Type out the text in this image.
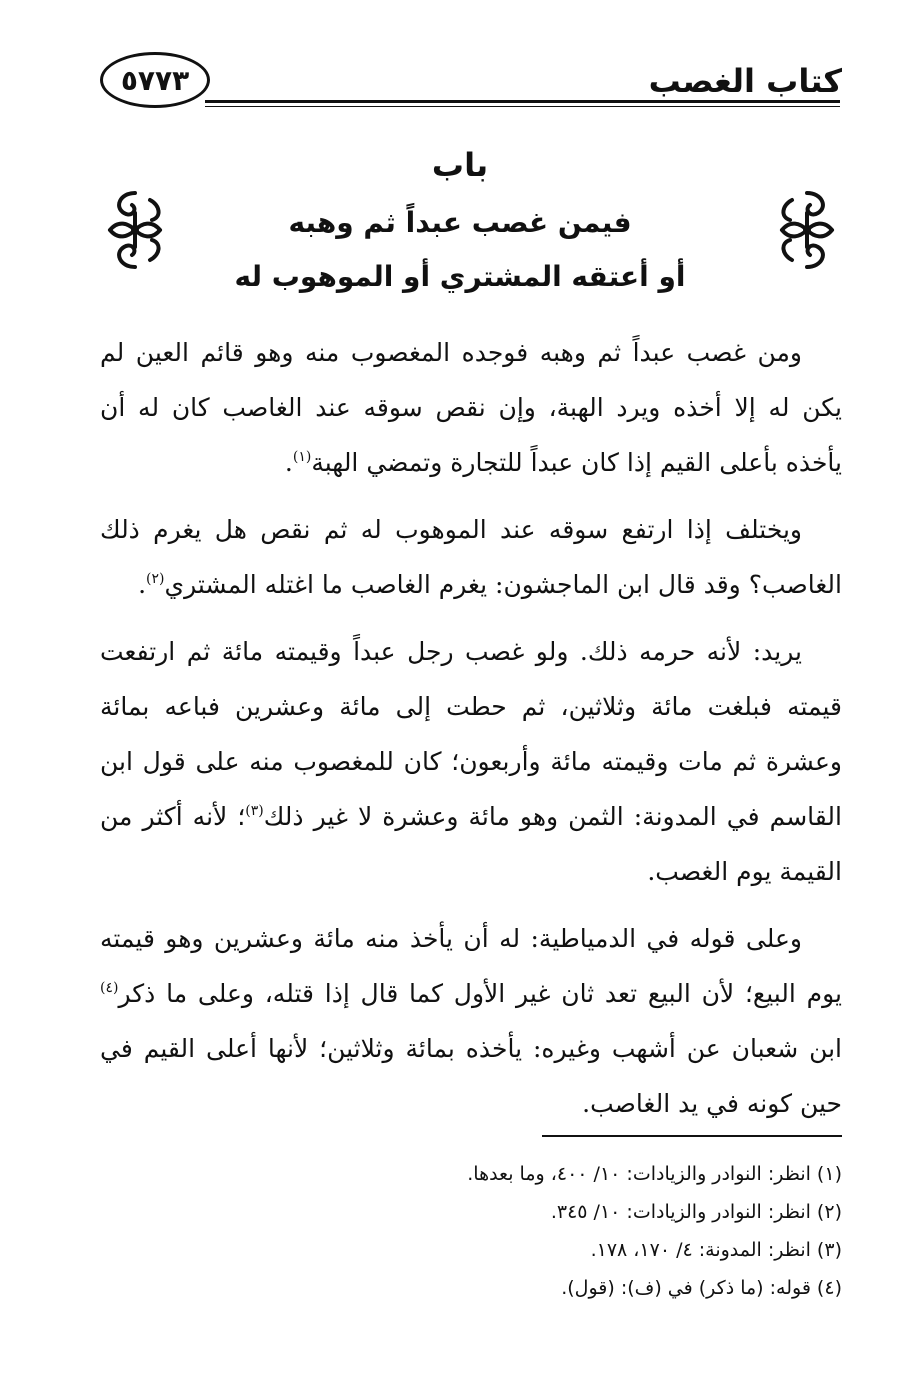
٥٧٧٣	كتاب الغصب
باب
فيمن غصب عبداً ثم وهبه
أو أعتقه المشتري أو الموهوب له

ومن غصب عبداً ثم وهبه فوجده المغصوب منه وهو قائم العين لم يكن له إلا أخذه ويرد الهبة، وإن نقص سوقه عند الغاصب كان له أن يأخذه بأعلى القيم إذا كان عبداً للتجارة وتمضي الهبة$^{(١)}$.

ويختلف إذا ارتفع سوقه عند الموهوب له ثم نقص هل يغرم ذلك الغاصب؟ وقد قال ابن الماجشون: يغرم الغاصب ما اغتله المشتري$^{(٢)}$.

يريد: لأنه حرمه ذلك. ولو غصب رجل عبداً وقيمته مائة ثم ارتفعت قيمته فبلغت مائة وثلاثين، ثم حطت إلى مائة وعشرين فباعه بمائة وعشرة ثم مات وقيمته مائة وأربعون؛ كان للمغصوب منه على قول ابن القاسم في المدونة: الثمن وهو مائة وعشرة لا غير ذلك$^{(٣)}$؛ لأنه أكثر من القيمة يوم الغصب.

وعلى قوله في الدمياطية: له أن يأخذ منه مائة وعشرين وهو قيمته يوم البيع؛ لأن البيع تعد ثان غير الأول كما قال إذا قتله، وعلى ما ذكر$^{(٤)}$ ابن شعبان عن أشهب وغيره: يأخذه بمائة وثلاثين؛ لأنها أعلى القيم في حين كونه في يد الغاصب.

(١) انظر: النوادر والزيادات: ١٠/ ٤٠٠، وما بعدها.
(٢) انظر: النوادر والزيادات: ١٠/ ٣٤٥.
(٣) انظر: المدونة: ٤/ ١٧٠، ١٧٨.
(٤) قوله: (ما ذكر) في (ف): (قول).
